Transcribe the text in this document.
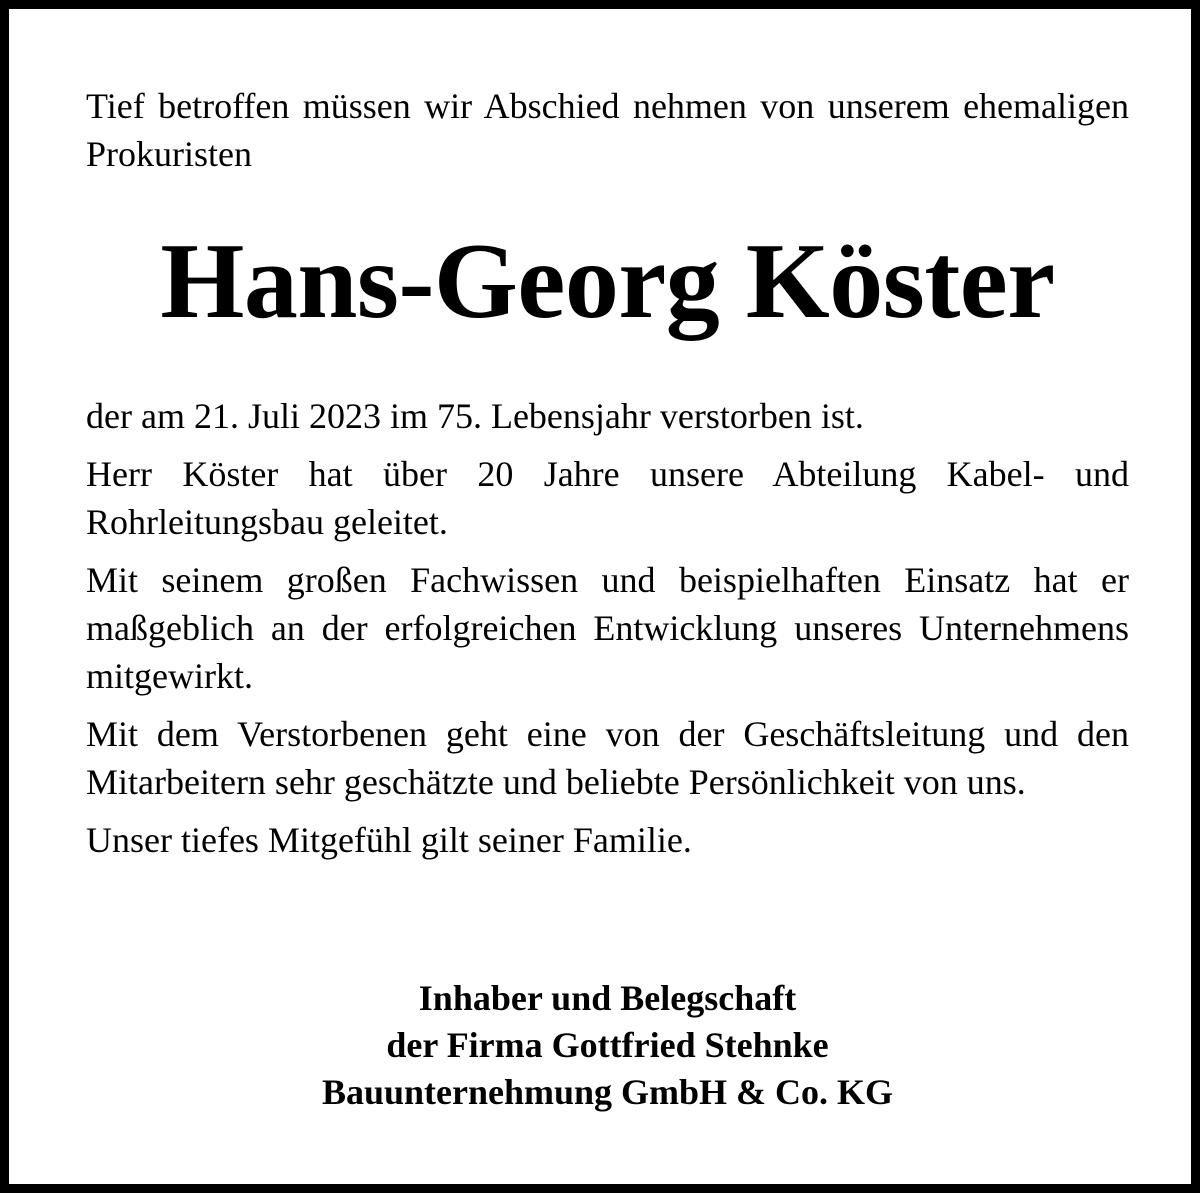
Tief betroffen müssen wir Abschied nehmen von unserem ehemaligen Prokuristen

Hans-Georg Köster

der am 21. Juli 2023 im 75. Lebensjahr verstorben ist.

Herr Köster hat über 20 Jahre unsere Abteilung Kabel- und Rohrleitungsbau geleitet.

Mit seinem großen Fachwissen und beispielhaften Einsatz hat er maßgeblich an der erfolgreichen Entwicklung unseres Unternehmens mitgewirkt.

Mit dem Verstorbenen geht eine von der Geschäftsleitung und den Mitarbeitern sehr geschätzte und beliebte Persönlichkeit von uns.

Unser tiefes Mitgefühl gilt seiner Familie.

Inhaber und Belegschaft
der Firma Gottfried Stehnke
Bauunternehmung GmbH & Co. KG
